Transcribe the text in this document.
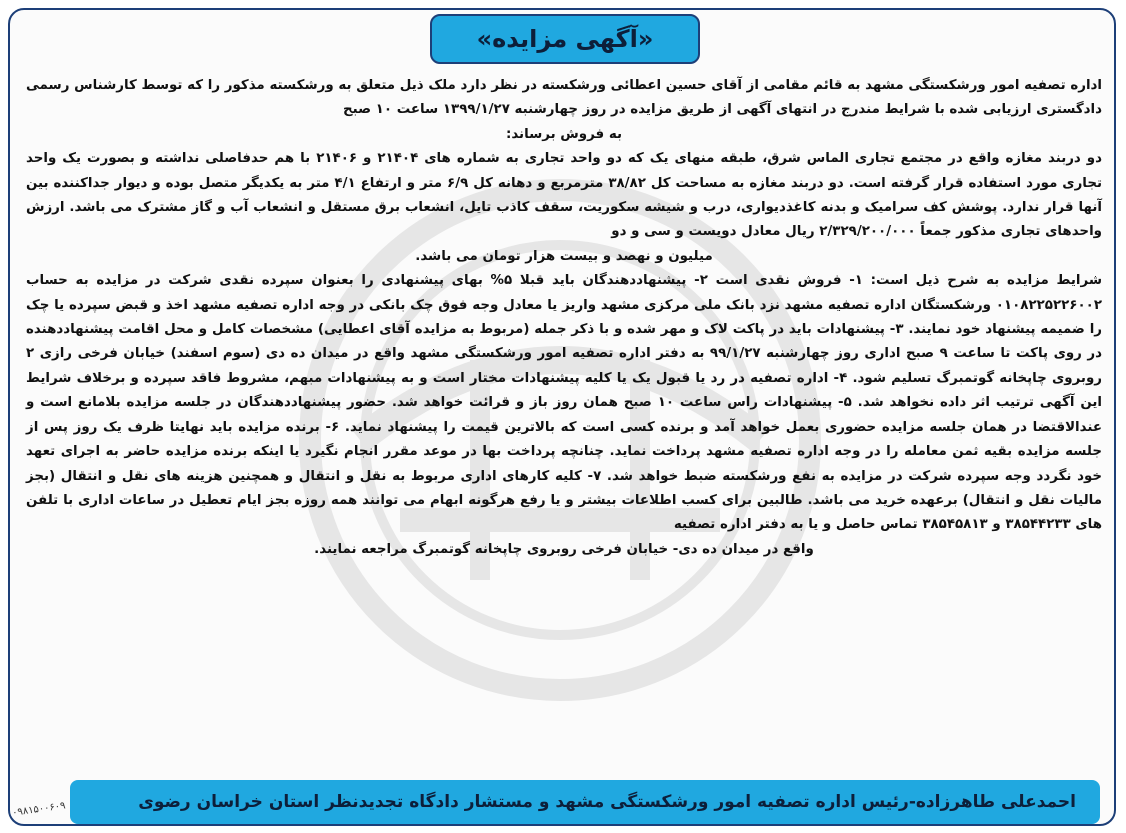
«آگهی مزایده»

اداره تصفیه امور ورشکستگی مشهد به قائم مقامی از آقای حسین اعطائی ورشکسته در نظر دارد ملک ذیل متعلق به ورشکسته مذکور را که توسط کارشناس رسمی دادگستری ارزیابی شده با شرایط مندرج در انتهای آگهی از طریق مزایده در روز چهارشنبه ۱۳۹۹/۱/۲۷ ساعت ۱۰ صبح

به فروش برساند:

دو دربند مغازه واقع در مجتمع تجاری الماس شرق، طبقه منهای یک که دو واحد تجاری به شماره های ۲۱۴۰۴ و ۲۱۴۰۶ با هم حدفاصلی نداشته و بصورت یک واحد تجاری مورد استفاده قرار گرفته است. دو دربند مغازه به مساحت کل ۳۸/۸۲ مترمربع و دهانه کل ۶/۹ متر و ارتفاع ۴/۱ متر به یکدیگر متصل بوده و دیوار جداکننده بین آنها قرار ندارد. پوشش کف سرامیک و بدنه کاغذدیواری، درب و شیشه سکوریت، سقف کاذب تایل، انشعاب برق مستقل و انشعاب آب و گاز مشترک می باشد. ارزش واحدهای تجاری مذکور جمعاً ۲/۳۲۹/۲۰۰/۰۰۰ ریال معادل دویست و سی و دو

میلیون و نهصد و بیست هزار تومان می باشد.

شرایط مزایده به شرح ذیل است: ۱- فروش نقدی است ۲- پیشنهاددهندگان باید قبلا ۵% بهای پیشنهادی را بعنوان سپرده نقدی شرکت در مزایده به حساب ۰۱۰۸۲۲۵۲۲۶۰۰۲ ورشکستگان اداره تصفیه مشهد نزد بانک ملی مرکزی مشهد واریز یا معادل وجه فوق چک بانکی در وجه اداره تصفیه مشهد اخذ و قبض سپرده یا چک را ضمیمه پیشنهاد خود نمایند. ۳- پیشنهادات باید در پاکت لاک و مهر شده و با ذکر جمله (مربوط به مزایده آقای اعطایی) مشخصات کامل و محل اقامت پیشنهاددهنده در روی پاکت تا ساعت ۹ صبح اداری روز چهارشنبه ۹۹/۱/۲۷ به دفتر اداره تصفیه امور ورشکستگی مشهد واقع در میدان ده دی (سوم اسفند) خیابان فرخی رازی ۲ روبروی چاپخانه گوتمبرگ تسلیم شود. ۴- اداره تصفیه در رد یا قبول یک یا کلیه پیشنهادات مختار است و به پیشنهادات مبهم، مشروط فاقد سپرده و برخلاف شرایط این آگهی ترتیب اثر داده نخواهد شد. ۵- پیشنهادات راس ساعت ۱۰ صبح همان روز باز و قرائت خواهد شد. حضور پیشنهاددهندگان در جلسه مزایده بلامانع است و عندالاقتضا در همان جلسه مزایده حضوری بعمل خواهد آمد و برنده کسی است که بالاترین قیمت را پیشنهاد نماید. ۶- برنده مزایده باید نهایتا ظرف یک روز پس از جلسه مزایده بقیه ثمن معامله را در وجه اداره تصفیه مشهد پرداخت نماید. چنانچه پرداخت بها در موعد مقرر انجام نگیرد یا اینکه برنده مزایده حاضر به اجرای تعهد خود نگردد وجه سپرده شرکت در مزایده به نفع ورشکسته ضبط خواهد شد. ۷- کلیه کارهای اداری مربوط به نقل و انتقال و همچنین هزینه های نقل و انتقال (بجز مالیات نقل و انتقال) برعهده خرید می باشد. طالبین برای کسب اطلاعات بیشتر و یا رفع هرگونه ابهام می توانند همه روزه بجز ایام تعطیل در ساعات اداری با تلفن های ۳۸۵۴۴۲۳۳ و ۳۸۵۴۵۸۱۳ تماس حاصل و یا به دفتر اداره تصفیه

واقع در میدان ده دی- خیابان فرخی روبروی چاپخانه گوتمبرگ مراجعه نمایند.

احمدعلی طاهرزاده-رئیس اداره تصفیه امور ورشکستگی مشهد و مستشار دادگاه تجدیدنظر استان خراسان رضوی
۰۹۸۱۵۰۰۶۰۹
